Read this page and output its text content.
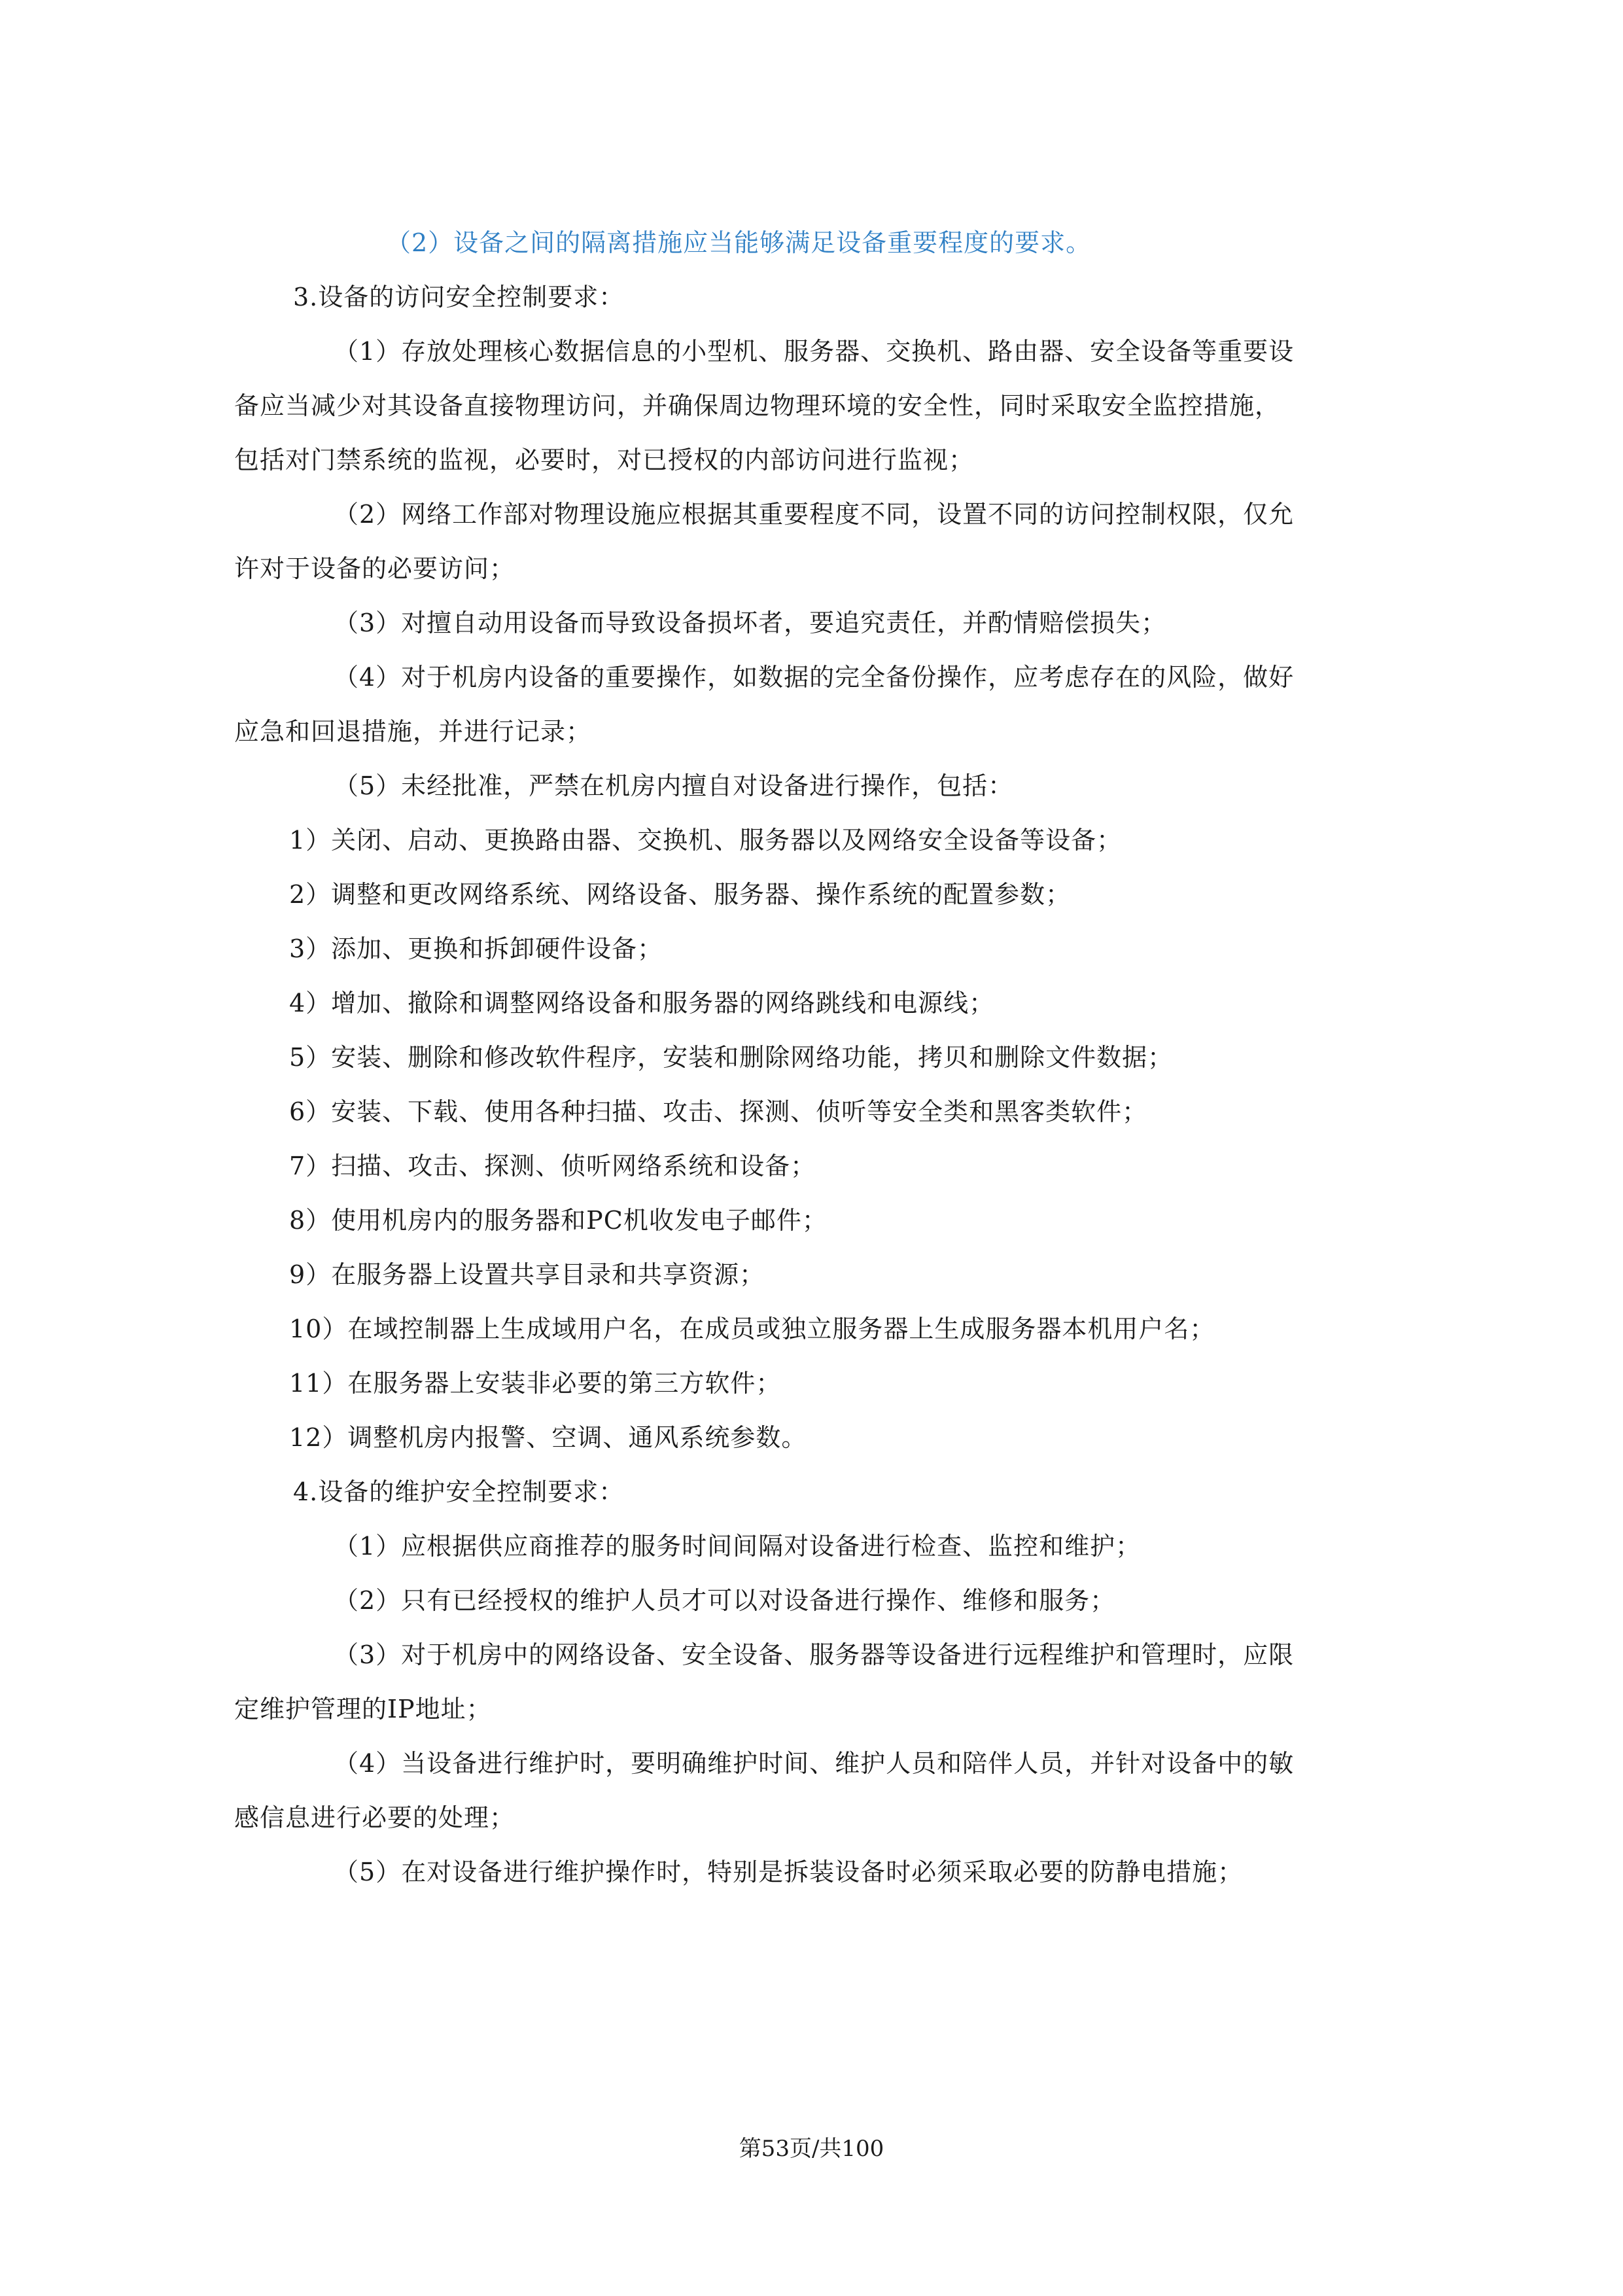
（2）设备之间的隔离措施应当能够满足设备重要程度的要求。
3.设备的访问安全控制要求：
（1）存放处理核心数据信息的小型机、服务器、交换机、路由器、安全设备等重要设
备应当减少对其设备直接物理访问，并确保周边物理环境的安全性，同时采取安全监控措施，
包括对门禁系统的监视，必要时，对已授权的内部访问进行监视；
（2）网络工作部对物理设施应根据其重要程度不同，设置不同的访问控制权限，仅允
许对于设备的必要访问；
（3）对擅自动用设备而导致设备损坏者，要追究责任，并酌情赔偿损失；
（4）对于机房内设备的重要操作，如数据的完全备份操作，应考虑存在的风险，做好
应急和回退措施，并进行记录；
（5）未经批准，严禁在机房内擅自对设备进行操作，包括：
1）关闭、启动、更换路由器、交换机、服务器以及网络安全设备等设备；
2）调整和更改网络系统、网络设备、服务器、操作系统的配置参数；
3）添加、更换和拆卸硬件设备；
4）增加、撤除和调整网络设备和服务器的网络跳线和电源线；
5）安装、删除和修改软件程序，安装和删除网络功能，拷贝和删除文件数据；
6）安装、下载、使用各种扫描、攻击、探测、侦听等安全类和黑客类软件；
7）扫描、攻击、探测、侦听网络系统和设备；
8）使用机房内的服务器和PC机收发电子邮件；
9）在服务器上设置共享目录和共享资源；
10）在域控制器上生成域用户名，在成员或独立服务器上生成服务器本机用户名；
11）在服务器上安装非必要的第三方软件；
12）调整机房内报警、空调、通风系统参数。
4.设备的维护安全控制要求：
（1）应根据供应商推荐的服务时间间隔对设备进行检查、监控和维护；
（2）只有已经授权的维护人员才可以对设备进行操作、维修和服务；
（3）对于机房中的网络设备、安全设备、服务器等设备进行远程维护和管理时，应限
定维护管理的IP地址；
（4）当设备进行维护时，要明确维护时间、维护人员和陪伴人员，并针对设备中的敏
感信息进行必要的处理；
（5）在对设备进行维护操作时，特别是拆装设备时必须采取必要的防静电措施；
第53页/共100
